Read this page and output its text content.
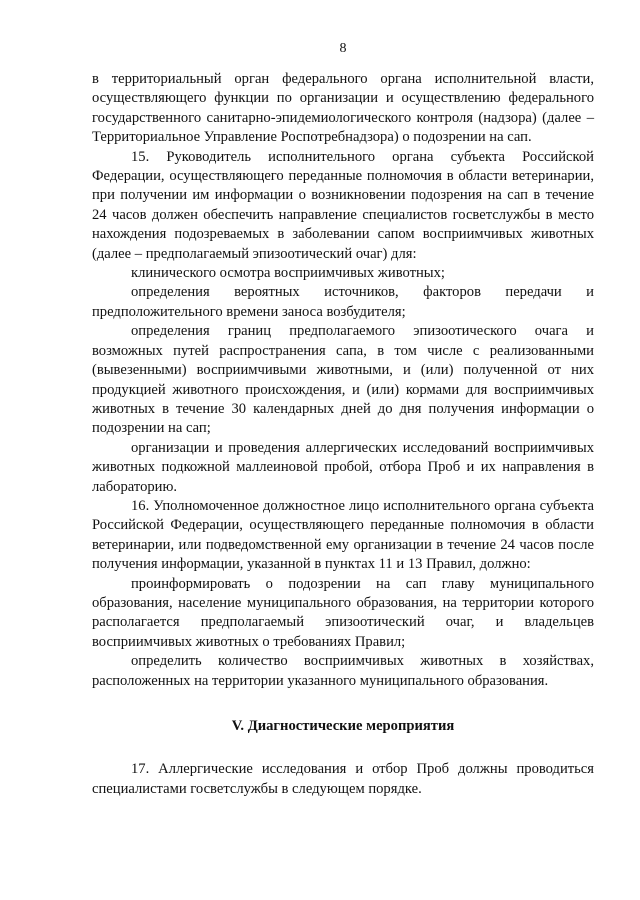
8

в территориальный орган федерального органа исполнительной власти, осуществляющего функции по организации и осуществлению федерального государственного санитарно-эпидемиологического контроля (надзора) (далее – Территориальное Управление Роспотребнадзора) о подозрении на сап.

15. Руководитель исполнительного органа субъекта Российской Федерации, осуществляющего переданные полномочия в области ветеринарии, при получении им информации о возникновении подозрения на сап в течение 24 часов должен обеспечить направление специалистов госветслужбы в место нахождения подозреваемых в заболевании сапом восприимчивых животных (далее – предполагаемый эпизоотический очаг) для:

клинического осмотра восприимчивых животных;

определения вероятных источников, факторов передачи и предположительного времени заноса возбудителя;

определения границ предполагаемого эпизоотического очага и возможных путей распространения сапа, в том числе с реализованными (вывезенными) восприимчивыми животными, и (или) полученной от них продукцией животного происхождения, и (или) кормами для восприимчивых животных в течение 30 календарных дней до дня получения информации о подозрении на сап;

организации и проведения аллергических исследований восприимчивых животных подкожной маллеиновой пробой, отбора Проб и их направления в лабораторию.

16. Уполномоченное должностное лицо исполнительного органа субъекта Российской Федерации, осуществляющего переданные полномочия в области ветеринарии, или подведомственной ему организации в течение 24 часов после получения информации, указанной в пунктах 11 и 13 Правил, должно:

проинформировать о подозрении на сап главу муниципального образования, население муниципального образования, на территории которого располагается предполагаемый эпизоотический очаг, и владельцев восприимчивых животных о требованиях Правил;

определить количество восприимчивых животных в хозяйствах, расположенных на территории указанного муниципального образования.

V. Диагностические мероприятия

17. Аллергические исследования и отбор Проб должны проводиться специалистами госветслужбы в следующем порядке.
